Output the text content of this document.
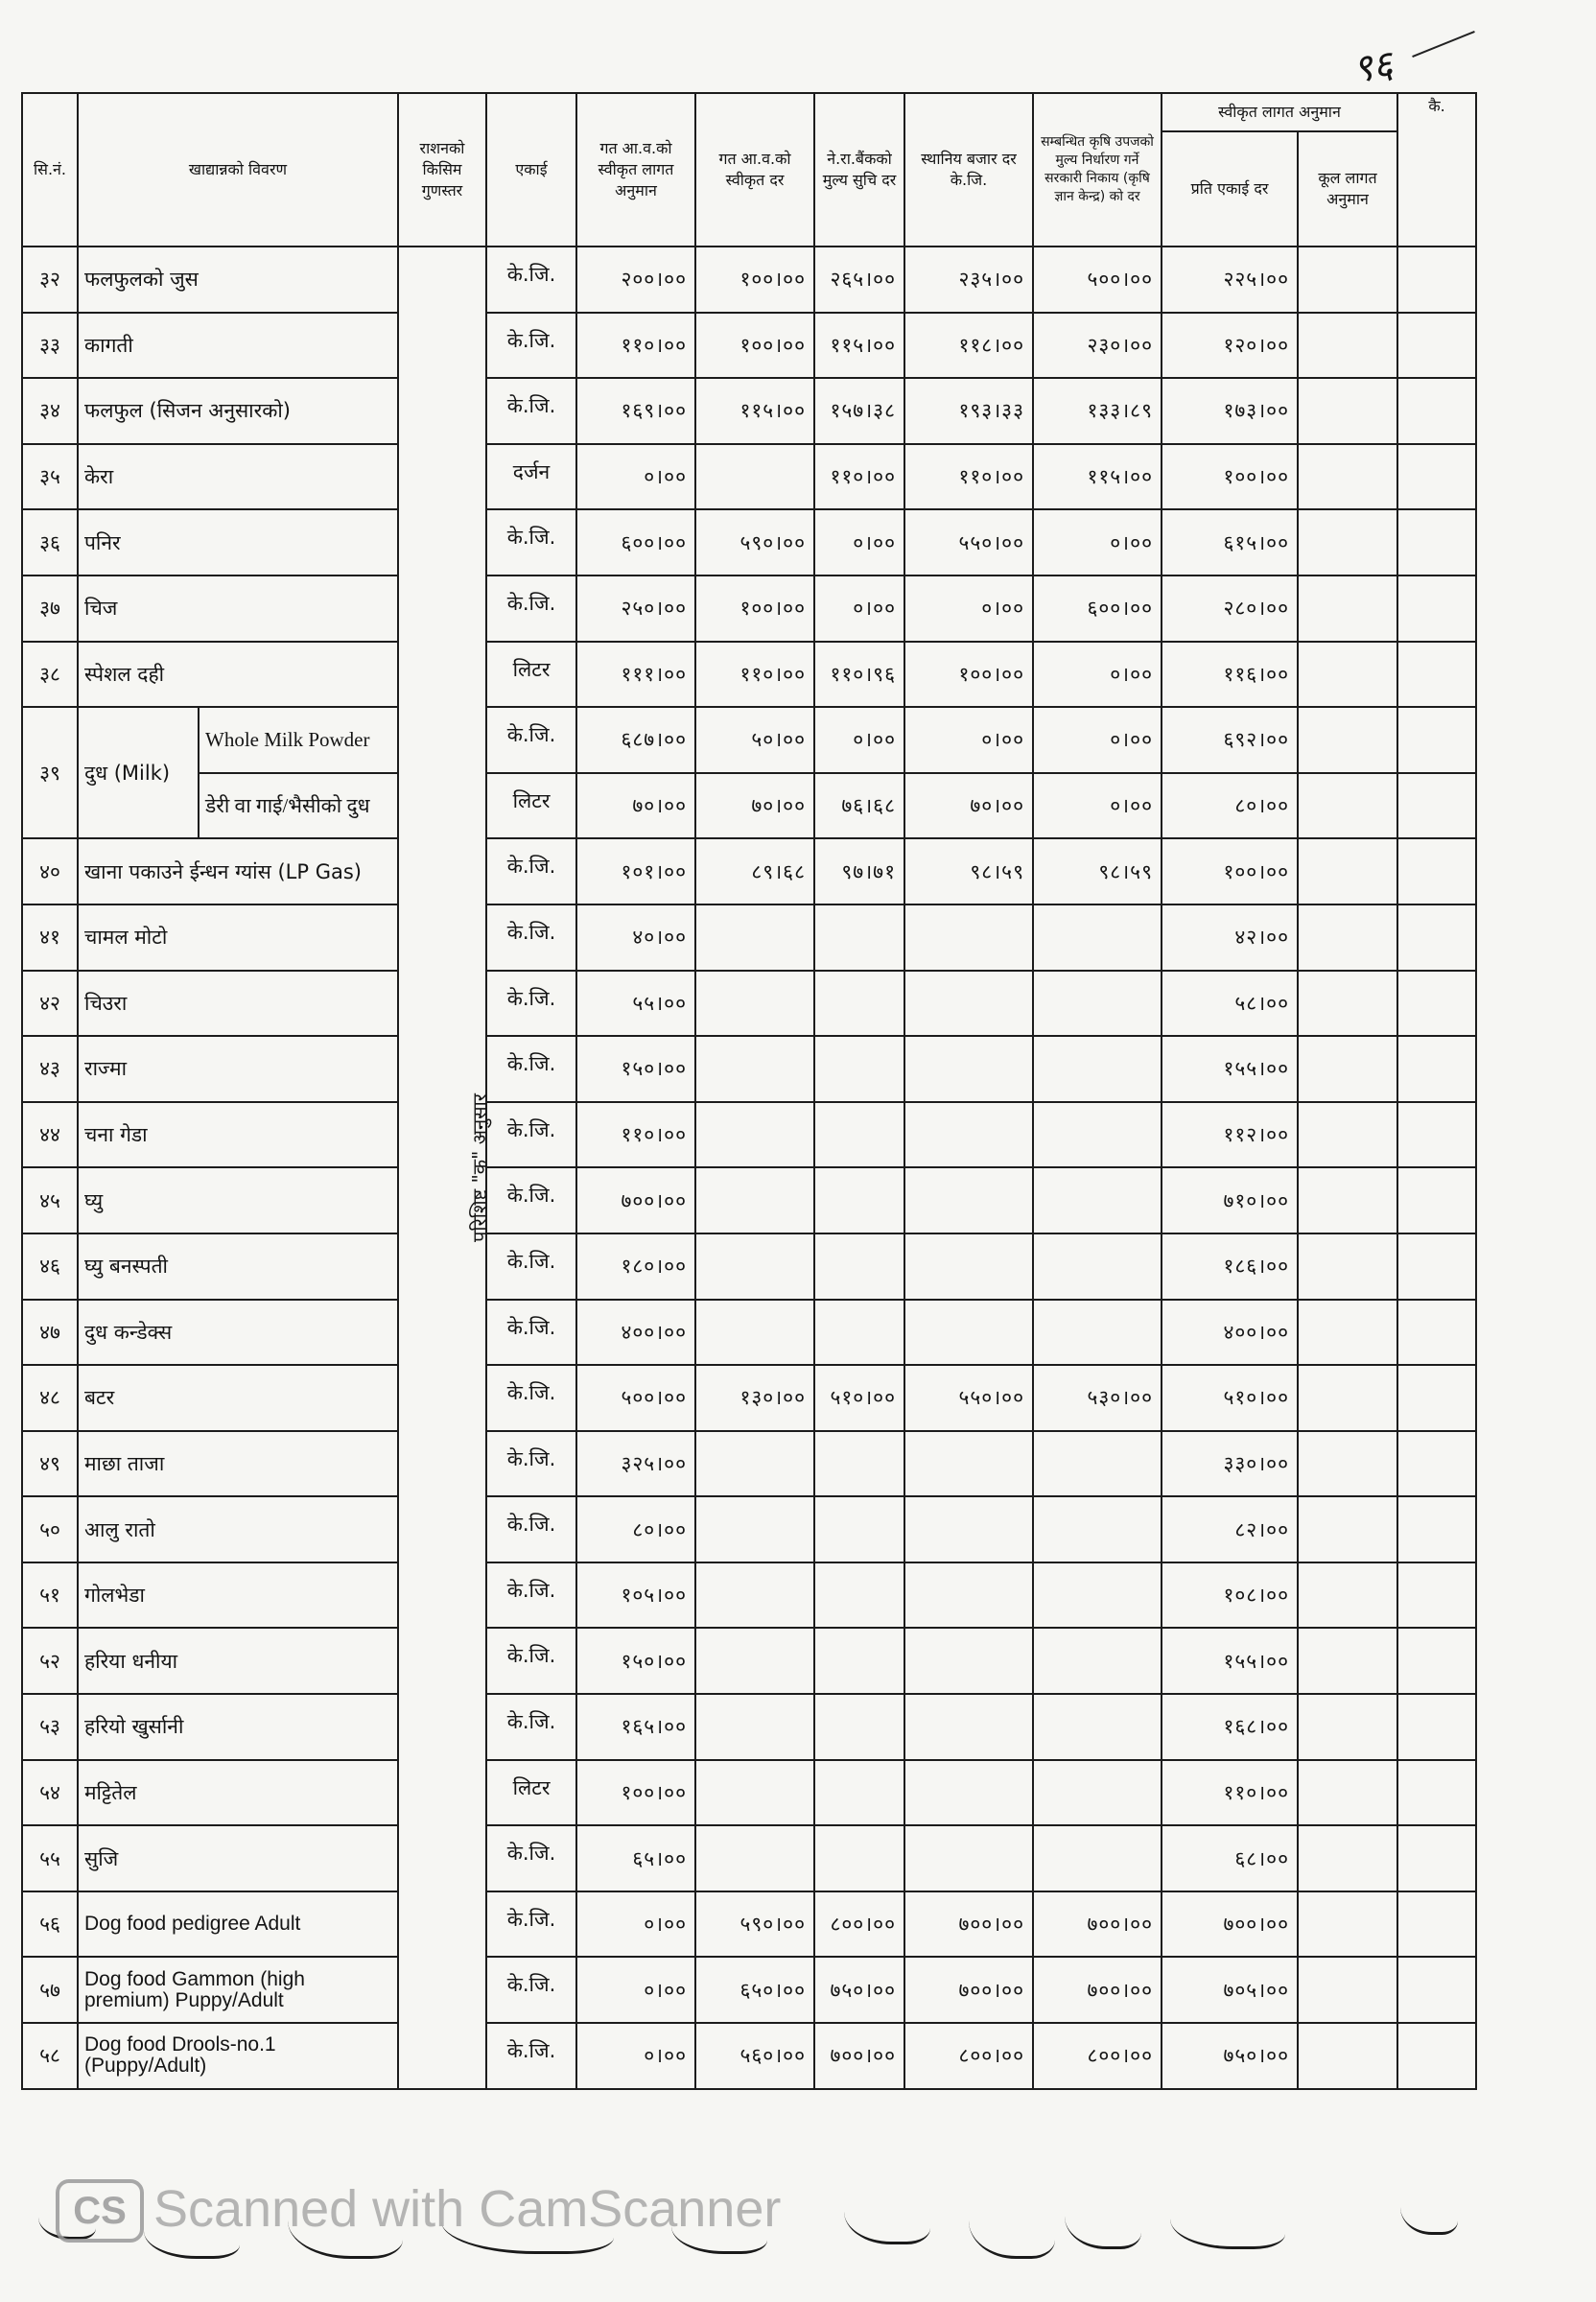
९६
सि.नं.	खाद्यान्नको विवरण		राशनको किसिम गुणस्तर	एकाई	गत आ.व.को स्वीकृत लागत अनुमान	गत आ.व.को स्वीकृत दर	ने.रा.बैंकको मुल्य सुचि दर	स्थानिय बजार दर के.जि.	सम्बन्धित कृषि उपजको मुल्य निर्धारण गर्ने सरकारी निकाय (कृषि ज्ञान केन्द्र) को दर	स्वीकृत लागत अनुमान		कै.
										प्रति एकाई दर	कूल लागत अनुमान	
३२	फलफुलको जुस		परिशिष्ट "क" अनुसार	के.जि.	२००।००	१००।००	२६५।००	२३५।००	५००।००	२२५।००		
३३	कागती			के.जि.	११०।००	१००।००	११५।००	११८।००	२३०।००	१२०।००		
३४	फलफुल (सिजन अनुसारको)			के.जि.	१६९।००	११५।००	१५७।३८	१९३।३३	१३३।८९	१७३।००		
३५	केरा			दर्जन	०।००		११०।००	११०।००	११५।००	१००।००		
३६	पनिर			के.जि.	६००।००	५९०।००	०।००	५५०।००	०।००	६१५।००		
३७	चिज			के.जि.	२५०।००	१००।००	०।००	०।००	६००।००	२८०।००		
३८	स्पेशल दही			लिटर	१११।००	११०।००	११०।९६	१००।००	०।००	११६।००		
३९	दुध (Milk)	Whole Milk Powder		के.जि.	६८७।००	५०।००	०।००	०।००	०।००	६९२।००		
		डेरी वा गाई/भैसीको दुध		लिटर	७०।००	७०।००	७६।६८	७०।००	०।००	८०।००		
४०	खाना पकाउने ईन्धन ग्यांस (LP Gas)			के.जि.	१०१।००	८९।६८	९७।७१	९८।५९	९८।५९	१००।००		
४१	चामल मोटो			के.जि.	४०।००					४२।००		
४२	चिउरा			के.जि.	५५।००					५८।००		
४३	राज्मा			के.जि.	१५०।००					१५५।००		
४४	चना गेडा			के.जि.	११०।००					११२।००		
४५	घ्यु			के.जि.	७००।००					७१०।००		
४६	घ्यु बनस्पती			के.जि.	१८०।००					१८६।००		
४७	दुध कन्डेक्स			के.जि.	४००।००					४००।००		
४८	बटर			के.जि.	५००।००	१३०।००	५१०।००	५५०।००	५३०।००	५१०।००		
४९	माछा ताजा			के.जि.	३२५।००					३३०।००		
५०	आलु रातो			के.जि.	८०।००					८२।००		
५१	गोलभेडा			के.जि.	१०५।००					१०८।००		
५२	हरिया धनीया			के.जि.	१५०।००					१५५।००		
५३	हरियो खुर्सानी			के.जि.	१६५।००					१६८।००		
५४	मट्टितेल			लिटर	१००।००					११०।००		
५५	सुजि			के.जि.	६५।००					६८।००		
५६	Dog food pedigree Adult			के.जि.	०।००	५९०।००	८००।००	७००।००	७००।००	७००।००		
५७	Dog food Gammon (high premium) Puppy/Adult			के.जि.	०।००	६५०।००	७५०।००	७००।००	७००।००	७०५।००		
५८	Dog food Drools-no.1 (Puppy/Adult)			के.जि.	०।००	५६०।००	७००।००	८००।००	८००।००	७५०।००		
CS Scanned with CamScanner
